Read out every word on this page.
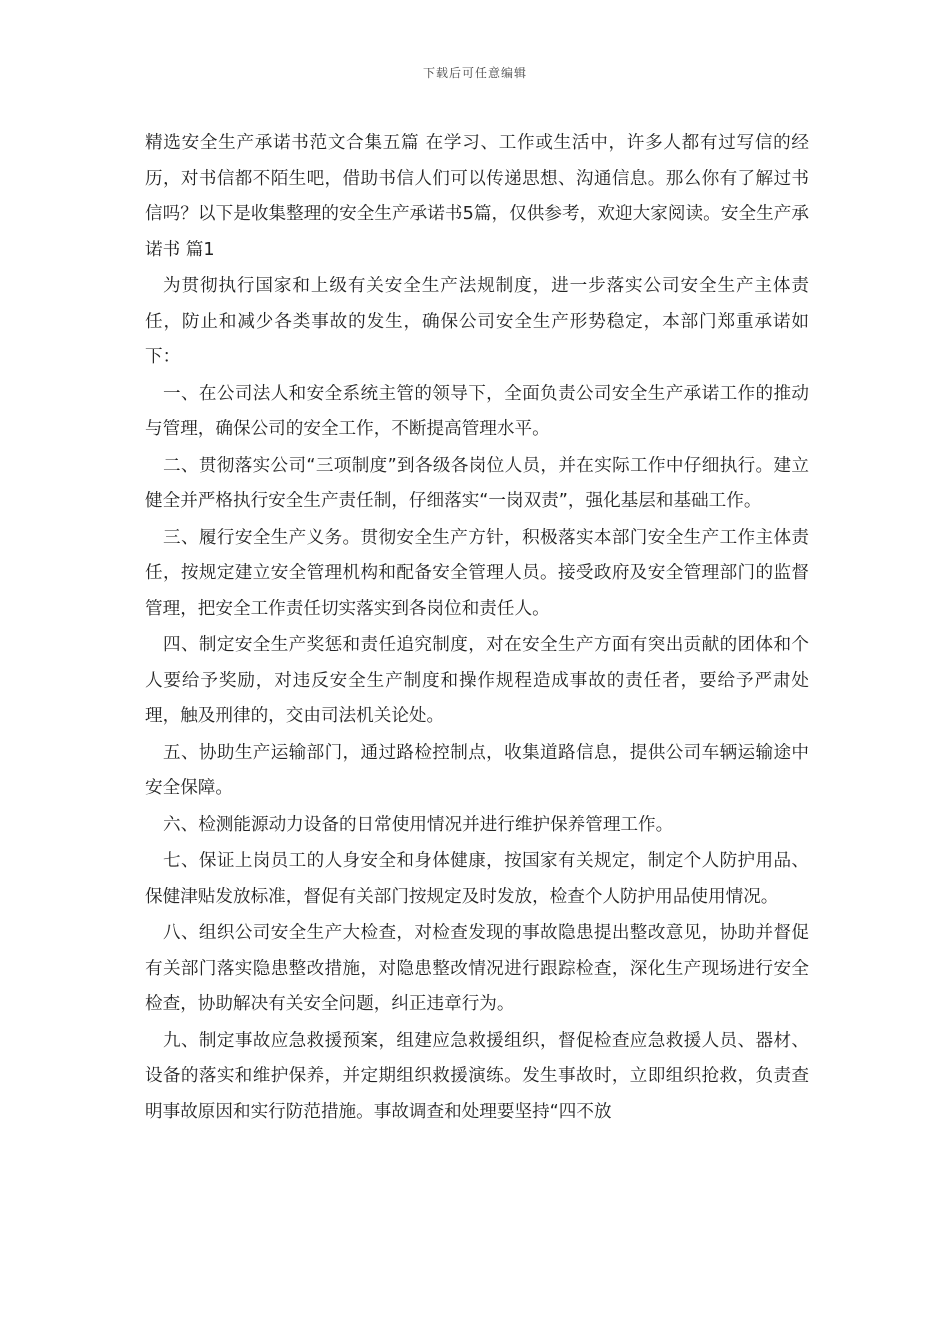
下载后可任意编辑

精选安全生产承诺书范文合集五篇 在学习、工作或生活中，许多人都有过写信的经历，对书信都不陌生吧，借助书信人们可以传递思想、沟通信息。那么你有了解过书信吗？以下是收集整理的安全生产承诺书5篇，仅供参考，欢迎大家阅读。安全生产承诺书 篇1

为贯彻执行国家和上级有关安全生产法规制度，进一步落实公司安全生产主体责任，防止和减少各类事故的发生，确保公司安全生产形势稳定，本部门郑重承诺如下：

一、在公司法人和安全系统主管的领导下，全面负责公司安全生产承诺工作的推动与管理，确保公司的安全工作，不断提高管理水平。

二、贯彻落实公司“三项制度”到各级各岗位人员，并在实际工作中仔细执行。建立健全并严格执行安全生产责任制，仔细落实“一岗双责”，强化基层和基础工作。

三、履行安全生产义务。贯彻安全生产方针，积极落实本部门安全生产工作主体责任，按规定建立安全管理机构和配备安全管理人员。接受政府及安全管理部门的监督管理，把安全工作责任切实落实到各岗位和责任人。

四、制定安全生产奖惩和责任追究制度，对在安全生产方面有突出贡献的团体和个人要给予奖励，对违反安全生产制度和操作规程造成事故的责任者，要给予严肃处理，触及刑律的，交由司法机关论处。

五、协助生产运输部门，通过路检控制点，收集道路信息，提供公司车辆运输途中安全保障。

六、检测能源动力设备的日常使用情况并进行维护保养管理工作。

七、保证上岗员工的人身安全和身体健康，按国家有关规定，制定个人防护用品、保健津贴发放标准，督促有关部门按规定及时发放，检查个人防护用品使用情况。

八、组织公司安全生产大检查，对检查发现的事故隐患提出整改意见，协助并督促有关部门落实隐患整改措施，对隐患整改情况进行跟踪检查，深化生产现场进行安全检查，协助解决有关安全问题，纠正违章行为。

九、制定事故应急救援预案，组建应急救援组织，督促检查应急救援人员、器材、设备的落实和维护保养，并定期组织救援演练。发生事故时，立即组织抢救，负责查明事故原因和实行防范措施。事故调查和处理要坚持“四不放
